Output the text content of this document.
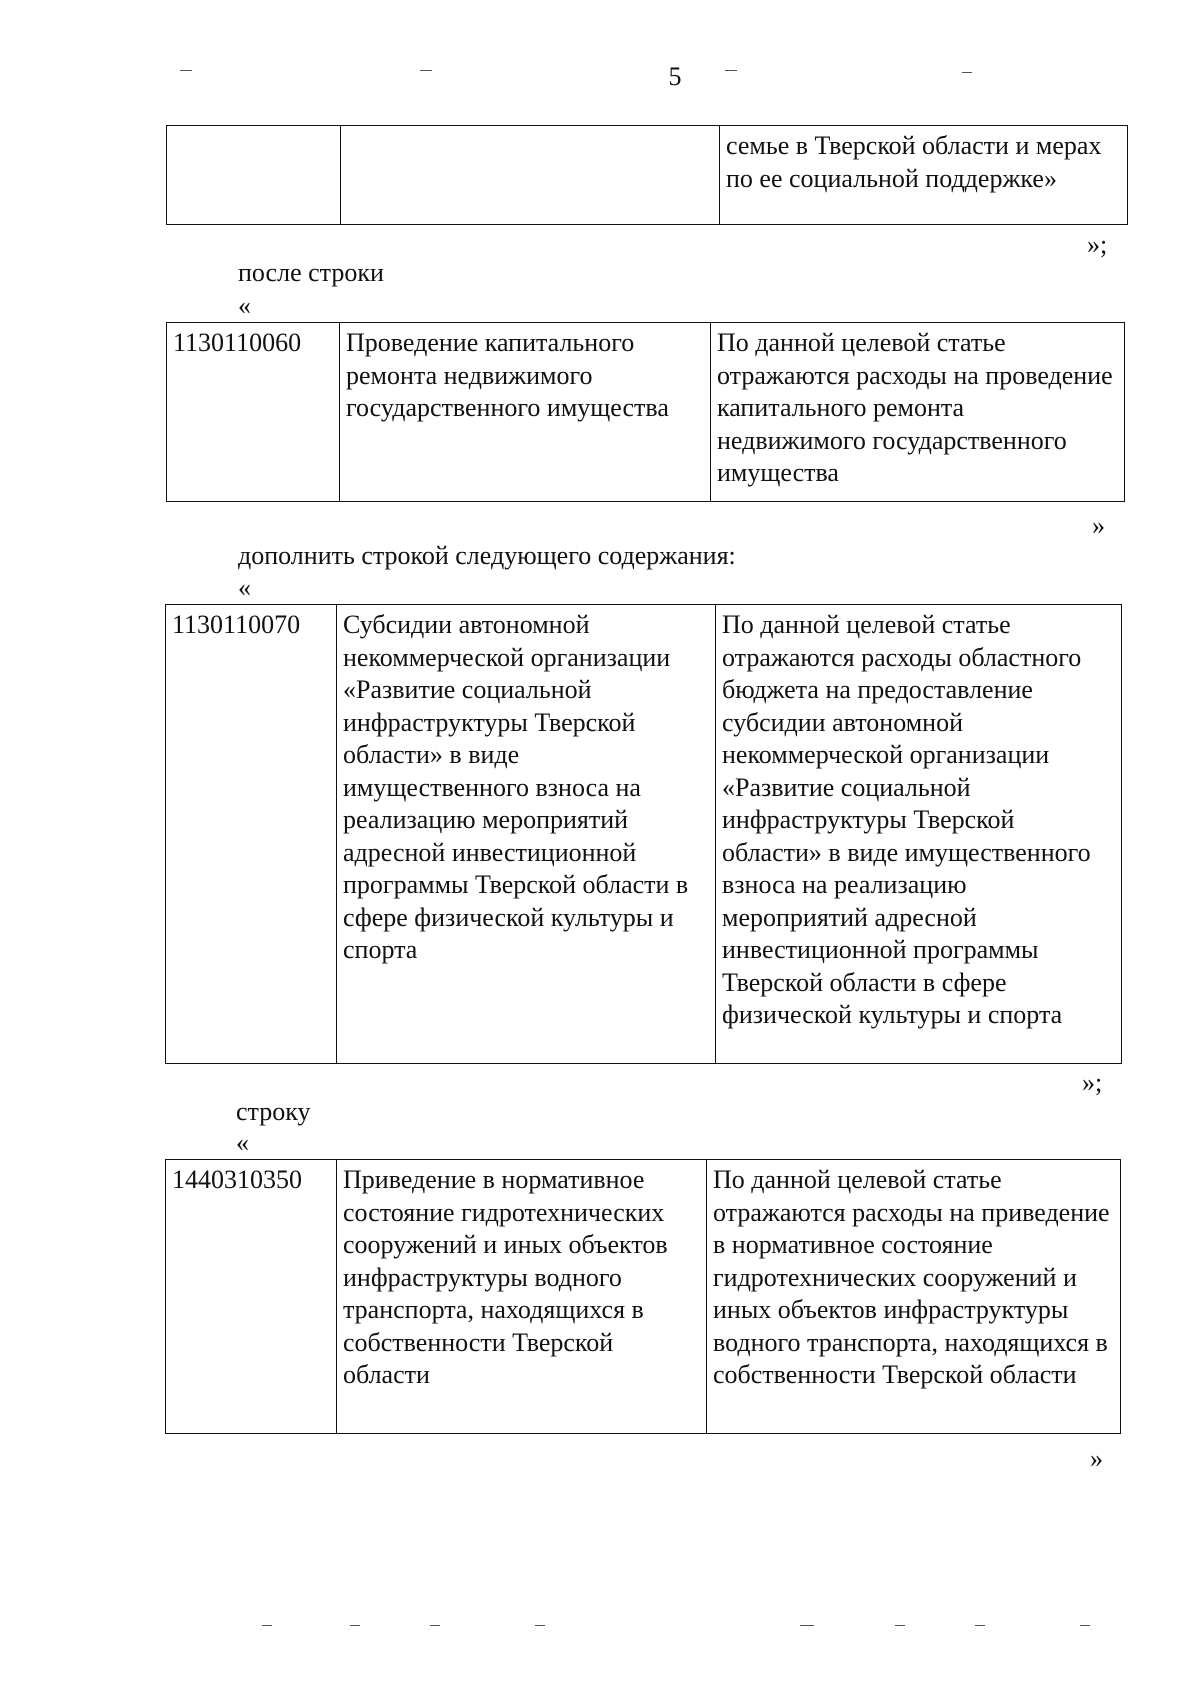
5
		семье в Тверской области и мерах по ее социальной поддержке»
»;
после строки
«
1130110060	Проведение капитального ремонта недвижимого государственного имущества	По данной целевой статье отражаются расходы на проведение капитального ремонта недвижимого государственного имущества
»
дополнить строкой следующего содержания:
«
1130110070	Субсидии автономной некоммерческой организации «Развитие социальной инфраструктуры Тверской области» в виде имущественного взноса на реализацию мероприятий адресной инвестиционной программы Тверской области в сфере физической культуры и спорта	По данной целевой статье отражаются расходы областного бюджета на предоставление субсидии автономной некоммерческой организации «Развитие социальной инфраструктуры Тверской области» в виде имущественного взноса на реализацию мероприятий адресной инвестиционной программы Тверской области в сфере физической культуры и спорта
»;
строку
«
1440310350	Приведение в нормативное состояние гидротехнических сооружений и иных объектов инфраструктуры водного транспорта, находящихся в собственности Тверской области	По данной целевой статье отражаются расходы на приведение в нормативное состояние гидротехнических сооружений и иных объектов инфраструктуры водного транспорта, находящихся в собственности Тверской области
»
